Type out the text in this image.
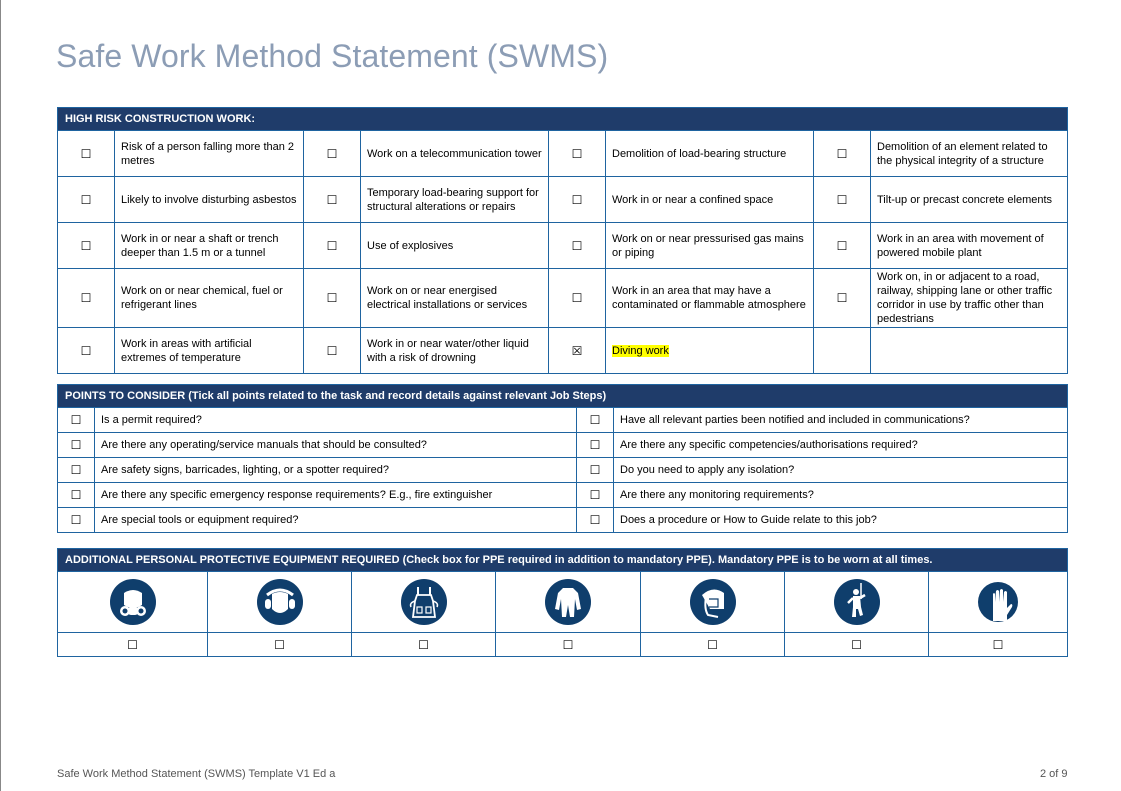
Safe Work Method Statement (SWMS)
HIGH RISK CONSTRUCTION WORK:							
☐	Risk of a person falling more than 2 metres	☐	Work on a telecommunication tower	☐	Demolition of load-bearing structure	☐	Demolition of an element related to the physical integrity of a structure
☐	Likely to involve disturbing asbestos	☐	Temporary load-bearing support for structural alterations or repairs	☐	Work in or near a confined space	☐	Tilt-up or precast concrete elements
☐	Work in or near a shaft or trench deeper than 1.5 m or a tunnel	☐	Use of explosives	☐	Work on or near pressurised gas mains or piping	☐	Work in an area with movement of powered mobile plant
☐	Work on or near chemical, fuel or refrigerant lines	☐	Work on or near energised electrical installations or services	☐	Work in an area that may have a contaminated or flammable atmosphere	☐	Work on, in or adjacent to a road, railway, shipping lane or other traffic corridor in use by traffic other than pedestrians
☐	Work in areas with artificial extremes of temperature	☐	Work in or near water/other liquid with a risk of drowning	☒	Diving work		
POINTS TO CONSIDER (Tick all points related to the task and record details against relevant Job Steps)			
☐	Is a permit required?	☐	Have all relevant parties been notified and included in communications?
☐	Are there any operating/service manuals that should be consulted?	☐	Are there any specific competencies/authorisations required?
☐	Are safety signs, barricades, lighting, or a spotter required?	☐	Do you need to apply any isolation?
☐	Are there any specific emergency response requirements? E.g., fire extinguisher	☐	Are there any monitoring requirements?
☐	Are special tools or equipment required?	☐	Does a procedure or How to Guide relate to this job?
ADDITIONAL PERSONAL PROTECTIVE EQUIPMENT REQUIRED (Check box for PPE required in addition to mandatory PPE). Mandatory PPE is to be worn at all times.						

☐	☐	☐	☐	☐	☐	☐
Safe Work Method Statement (SWMS) Template V1 Ed a	2 of 9
